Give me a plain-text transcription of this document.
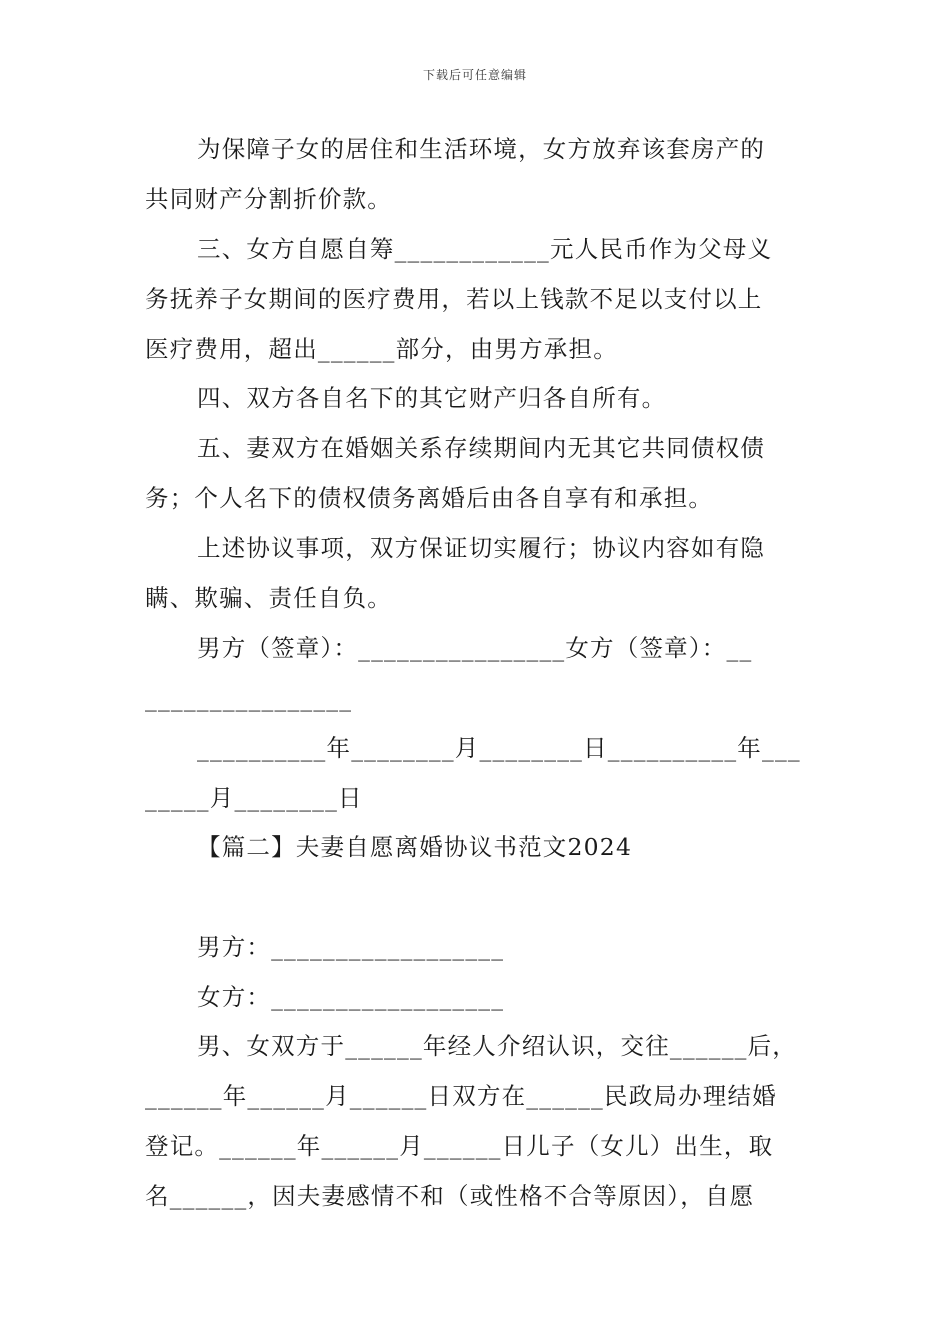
下载后可任意编辑
为保障子女的居住和生活环境，女方放弃该套房产的
共同财产分割折价款。
三、女方自愿自筹____________元人民币作为父母义
务抚养子女期间的医疗费用，若以上钱款不足以支付以上
医疗费用，超出______部分，由男方承担。
四、双方各自名下的其它财产归各自所有。
五、妻双方在婚姻关系存续期间内无其它共同债权债
务；个人名下的债权债务离婚后由各自享有和承担。
上述协议事项，双方保证切实履行；协议内容如有隐
瞒、欺骗、责任自负。
男方（签章）：________________女方（签章）：__
________________
__________年________月________日__________年___
_____月________日
【篇二】夫妻自愿离婚协议书范文2024
男方：__________________
女方：__________________
男、女双方于______年经人介绍认识，交往______后，
______年______月______日双方在______民政局办理结婚
登记。______年______月______日儿子（女儿）出生，取
名______，因夫妻感情不和（或性格不合等原因），自愿
